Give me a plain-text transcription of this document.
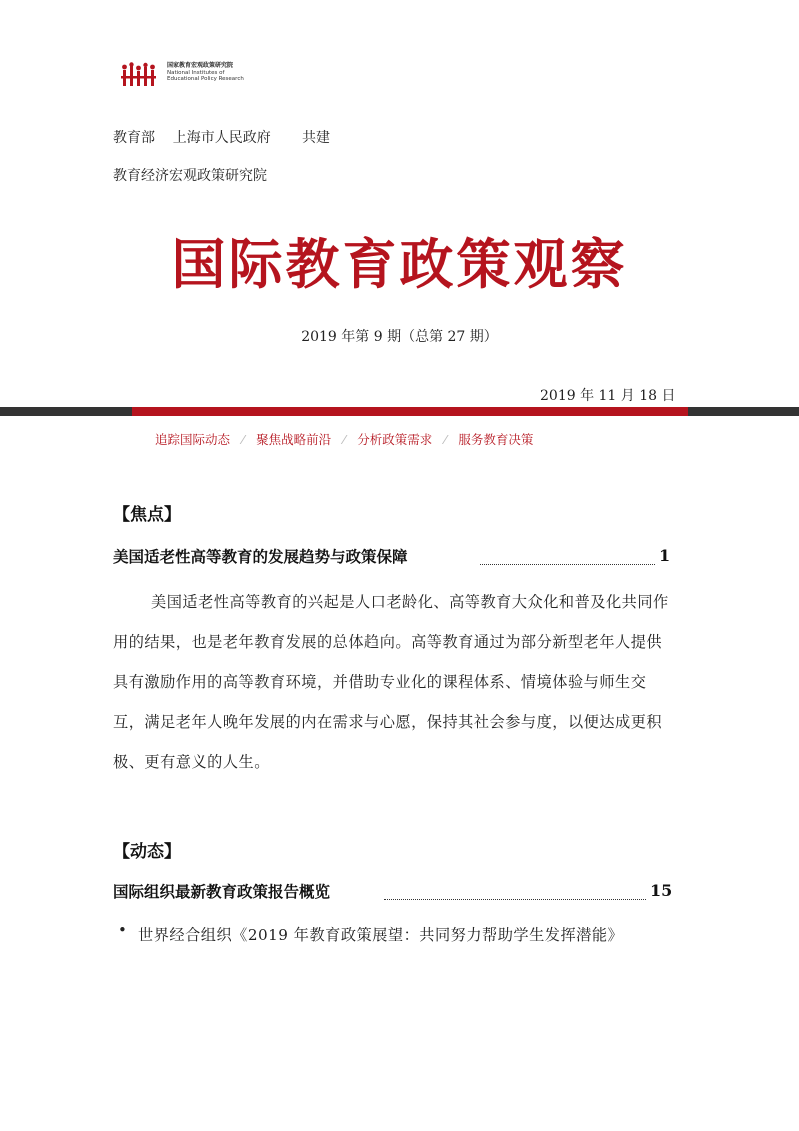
国家教育宏观政策研究院
National Institutes of
Educational Policy Research
教育部    上海市人民政府       共建
教育经济宏观政策研究院
国际教育政策观察
2019 年第 9 期（总第 27 期）
2019 年 11 月 18 日
追踪国际动态 ⁄ 聚焦战略前沿 ⁄ 分析政策需求 ⁄ 服务教育决策
【焦点】
美国适老性高等教育的发展趋势与政策保障	1
美国适老性高等教育的兴起是人口老龄化、高等教育大众化和普及化共同作用的结果，也是老年教育发展的总体趋向。高等教育通过为部分新型老年人提供具有激励作用的高等教育环境，并借助专业化的课程体系、情境体验与师生交互，满足老年人晚年发展的内在需求与心愿，保持其社会参与度，以便达成更积极、更有意义的人生。
【动态】
国际组织最新教育政策报告概览	15
• 世界经合组织《2019 年教育政策展望：共同努力帮助学生发挥潜能》
